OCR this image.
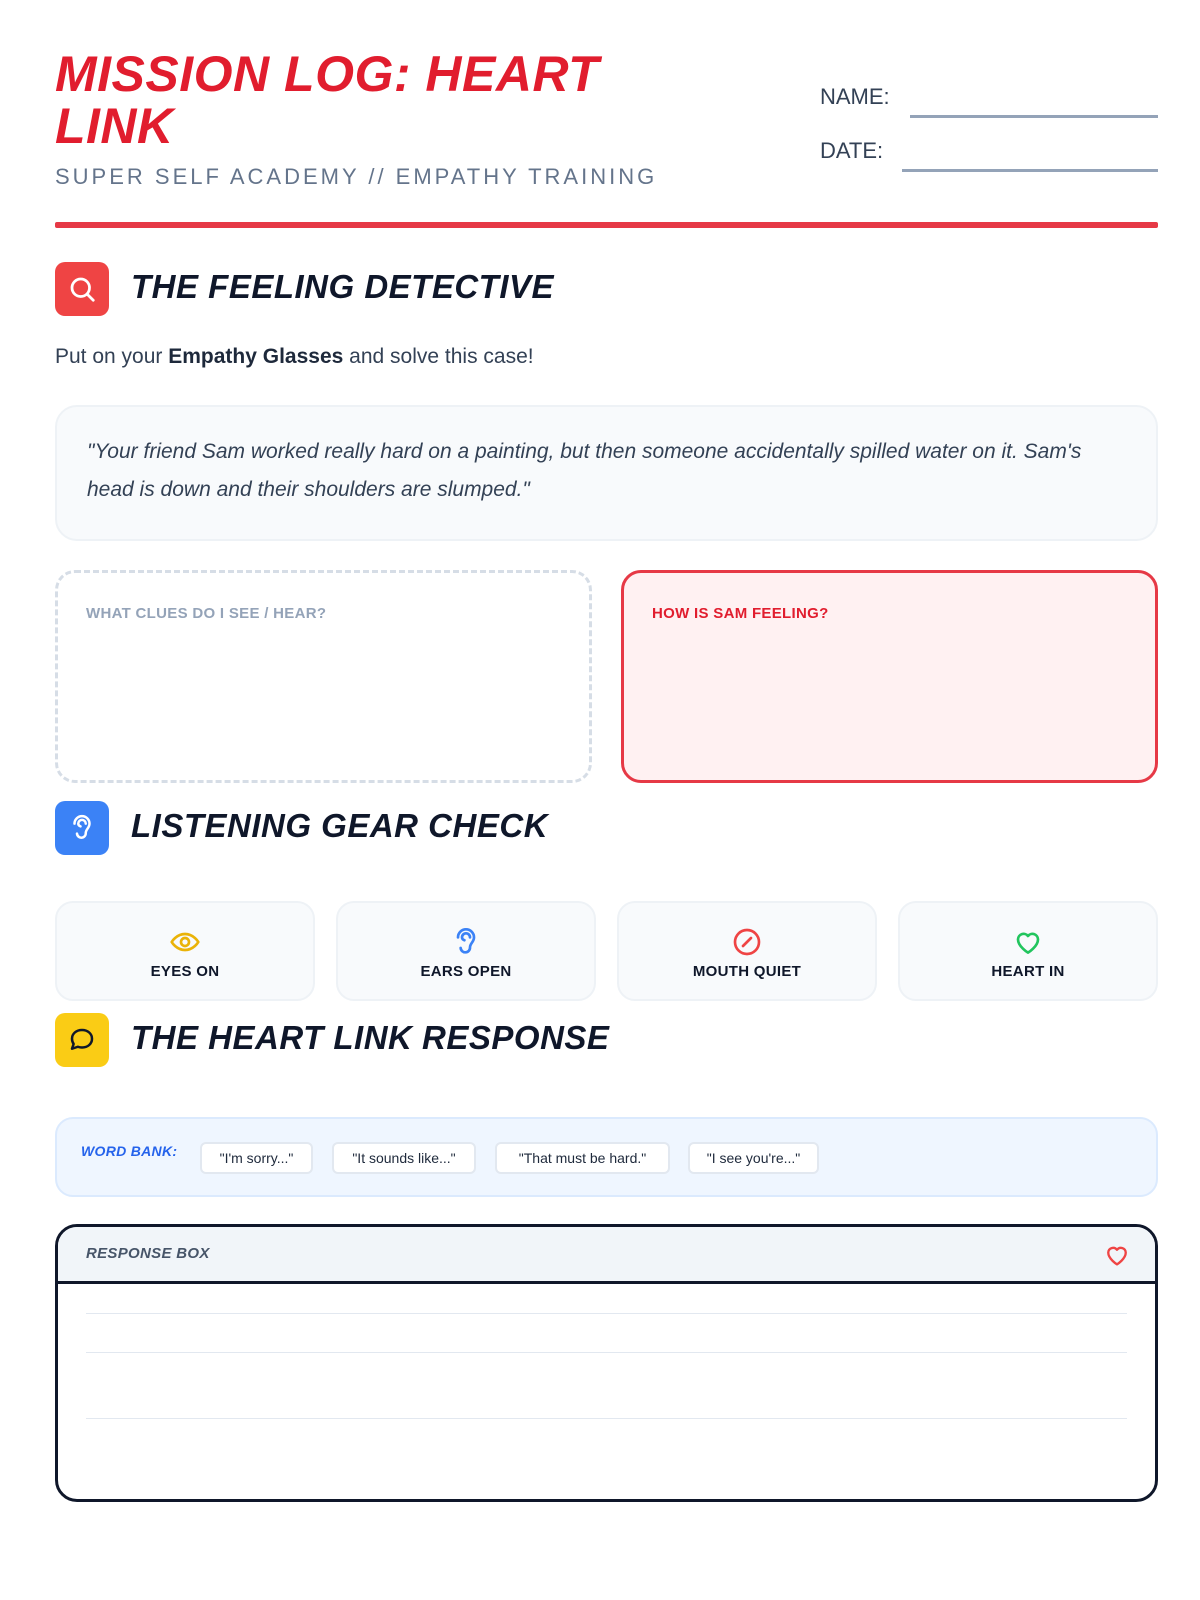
MISSION LOG: HEART LINK
SUPER SELF ACADEMY // EMPATHY TRAINING
NAME:
DATE:
THE FEELING DETECTIVE
Put on your Empathy Glasses and solve this case!
"Your friend Sam worked really hard on a painting, but then someone accidentally spilled water on it. Sam's head is down and their shoulders are slumped."
WHAT CLUES DO I SEE / HEAR?	HOW IS SAM FEELING?
LISTENING GEAR CHECK
EYES ON	EARS OPEN	MOUTH QUIET	HEART IN
THE HEART LINK RESPONSE
WORD BANK:	"I'm sorry..."	"It sounds like..."	"That must be hard."	"I see you're..."
RESPONSE BOX
